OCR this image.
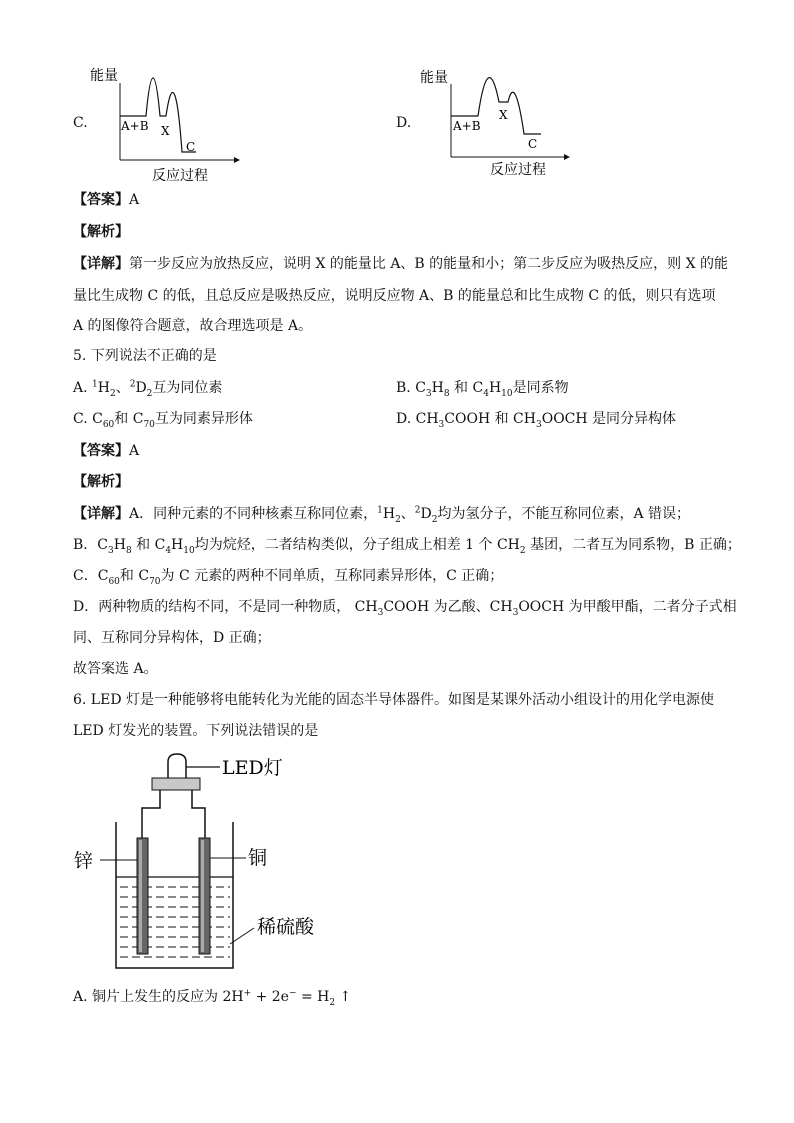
C.
能量
A+B X
C
反应过程
D.
能量
A+B
X
C
反应过程
【答案】A
【解析】
【详解】第一步反应为放热反应，说明 X 的能量比 A、B 的能量和小；第二步反应为吸热反应，则 X 的能
量比生成物 C 的低，且总反应是吸热反应，说明反应物 A、B 的能量总和比生成物 C 的低，则只有选项
A 的图像符合题意，故合理选项是 A。
5. 下列说法不正确的是
A. $^1H_2$、$^2D_2$互为同位素	B. $C_3H_8$ 和 $C_4H_{10}$是同系物
C. $C_{60}$和 $C_{70}$互为同素异形体	D. $CH_3COOH$ 和 $CH_3OOCH$ 是同分异构体
【答案】A
【解析】
【详解】A．同种元素的不同种核素互称同位素，$^1H_2$、$^2D_2$均为氢分子，不能互称同位素，A 错误；
B．$C_3H_8$ 和 $C_4H_{10}$均为烷烃，二者结构类似，分子组成上相差 1 个 $CH_2$ 基团，二者互为同系物，B 正确；
C．$C_{60}$和 $C_{70}$为 C 元素的两种不同单质，互称同素异形体，C 正确；
D．两种物质的结构不同，不是同一种物质， $CH_3COOH$ 为乙酸、$CH_3OOCH$ 为甲酸甲酯，二者分子式相
同、互称同分异构体，D 正确；
故答案选 A。
6. LED 灯是一种能够将电能转化为光能的固态半导体器件。如图是某课外活动小组设计的用化学电源使
LED 灯发光的装置。下列说法错误的是
LED灯
锌	铜
稀硫酸
A. 铜片上发生的反应为 $2H^+ + 2e^- = H_2$ ↑
